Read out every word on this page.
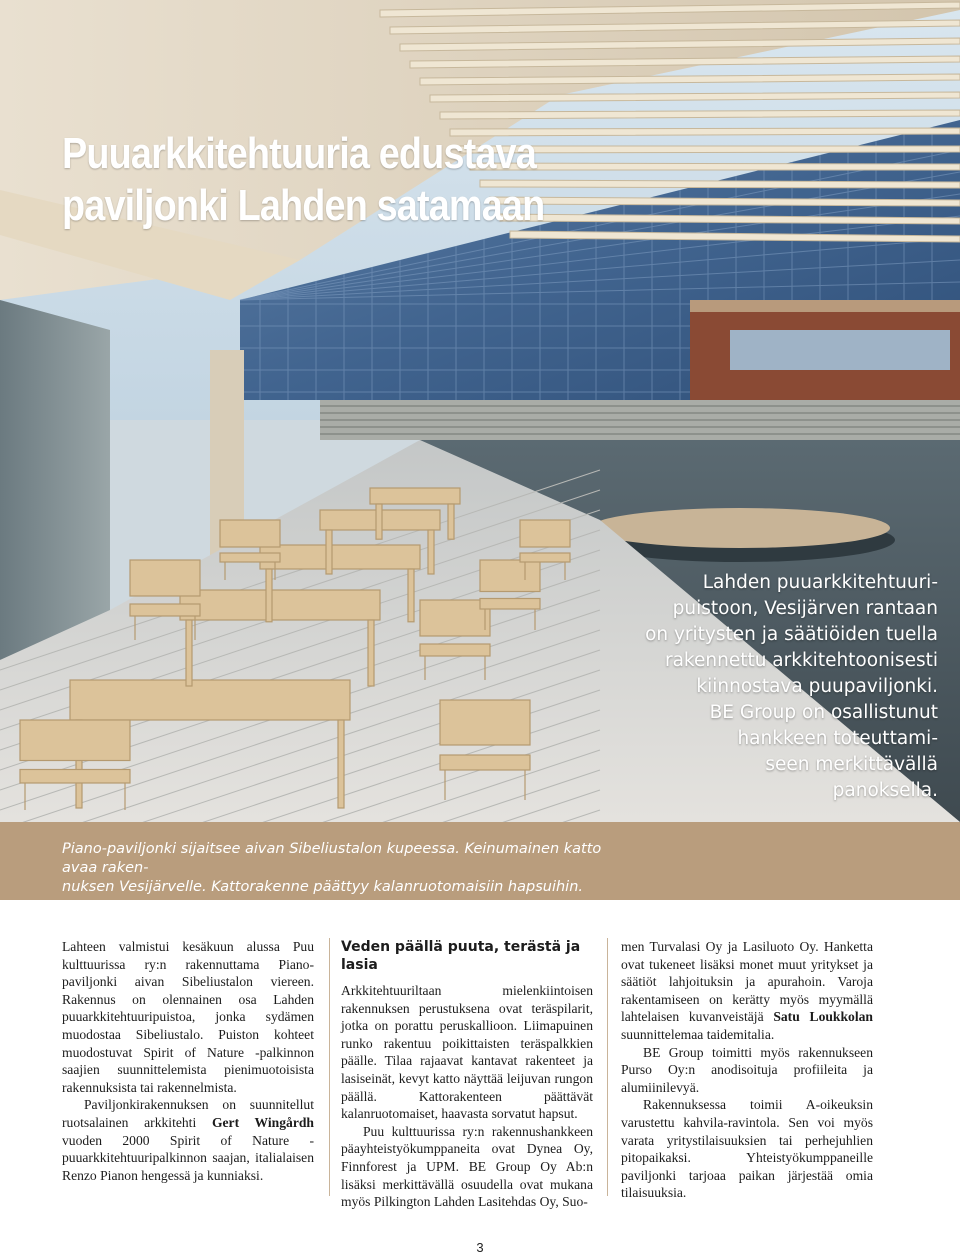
Puuarkkitehtuuria edustava
paviljonki Lahden satamaan

Lahden puuarkkitehtuuri-
puistoon, Vesijärven rantaan
on yritysten ja säätiöiden tuella
rakennettu arkkitehtoonisesti
kiinnostava puupaviljonki.
BE Group on osallistunut
hankkeen toteuttami-
seen merkittävällä
panoksella.

Piano-paviljonki sijaitsee aivan Sibeliustalon kupeessa. Keinumainen katto avaa raken-
nuksen Vesijärvelle. Kattorakenne päättyy kalanruotomaisiin hapsuihin.

Lahteen valmistui kesäkuun alussa Puu kulttuurissa ry:n rakennuttama Piano-paviljonki aivan Sibeliustalon viereen. Rakennus on olennainen osa Lahden puuarkkitehtuuripuistoa, jonka sydämen muodostaa Sibeliustalo. Puiston kohteet muodostuvat Spirit of Nature -palkinnon saajien suunnittelemista pienimuotoisista rakennuksista tai rakennelmista.

Paviljonkirakennuksen on suunnitellut ruotsalainen arkkitehti Gert Wingårdh vuoden 2000 Spirit of Nature -puuarkkitehtuuripalkinnon saajan, italialaisen Renzo Pianon hengessä ja kunniaksi.

Veden päällä puuta, terästä ja lasia

Arkkitehtuuriltaan mielenkiintoisen rakennuksen perustuksena ovat teräspilarit, jotka on porattu peruskallioon. Liimapuinen runko rakentuu poikittaisten teräspalkkien päälle. Tilaa rajaavat kantavat rakenteet ja lasiseinät, kevyt katto näyttää leijuvan rungon päällä. Kattorakenteen päättävät kalanruotomaiset, haavasta sorvatut hapsut.

Puu kulttuurissa ry:n rakennushankkeen päayhteistyökumppaneita ovat Dynea Oy, Finnforest ja UPM. BE Group Oy Ab:n lisäksi merkittävällä osuudella ovat mukana myös Pilkington Lahden Lasitehdas Oy, Suo-

men Turvalasi Oy ja Lasiluoto Oy. Hanketta ovat tukeneet lisäksi monet muut yritykset ja säätiöt lahjoituksin ja apurahoin. Varoja rakentamiseen on kerätty myös myymällä lahtelaisen kuvanveistäjä Satu Loukkolan suunnittelemaa taidemitalia.

BE Group toimitti myös rakennukseen Purso Oy:n anodisoituja profiileita ja alumiinilevyä.

Rakennuksessa toimii A-oikeuksin varustettu kahvila-ravintola. Sen voi myös varata yritystilaisuuksien tai perhejuhlien pitopaikaksi. Yhteistyökumppaneille paviljonki tarjoaa paikan järjestää omia tilaisuuksia.

3
